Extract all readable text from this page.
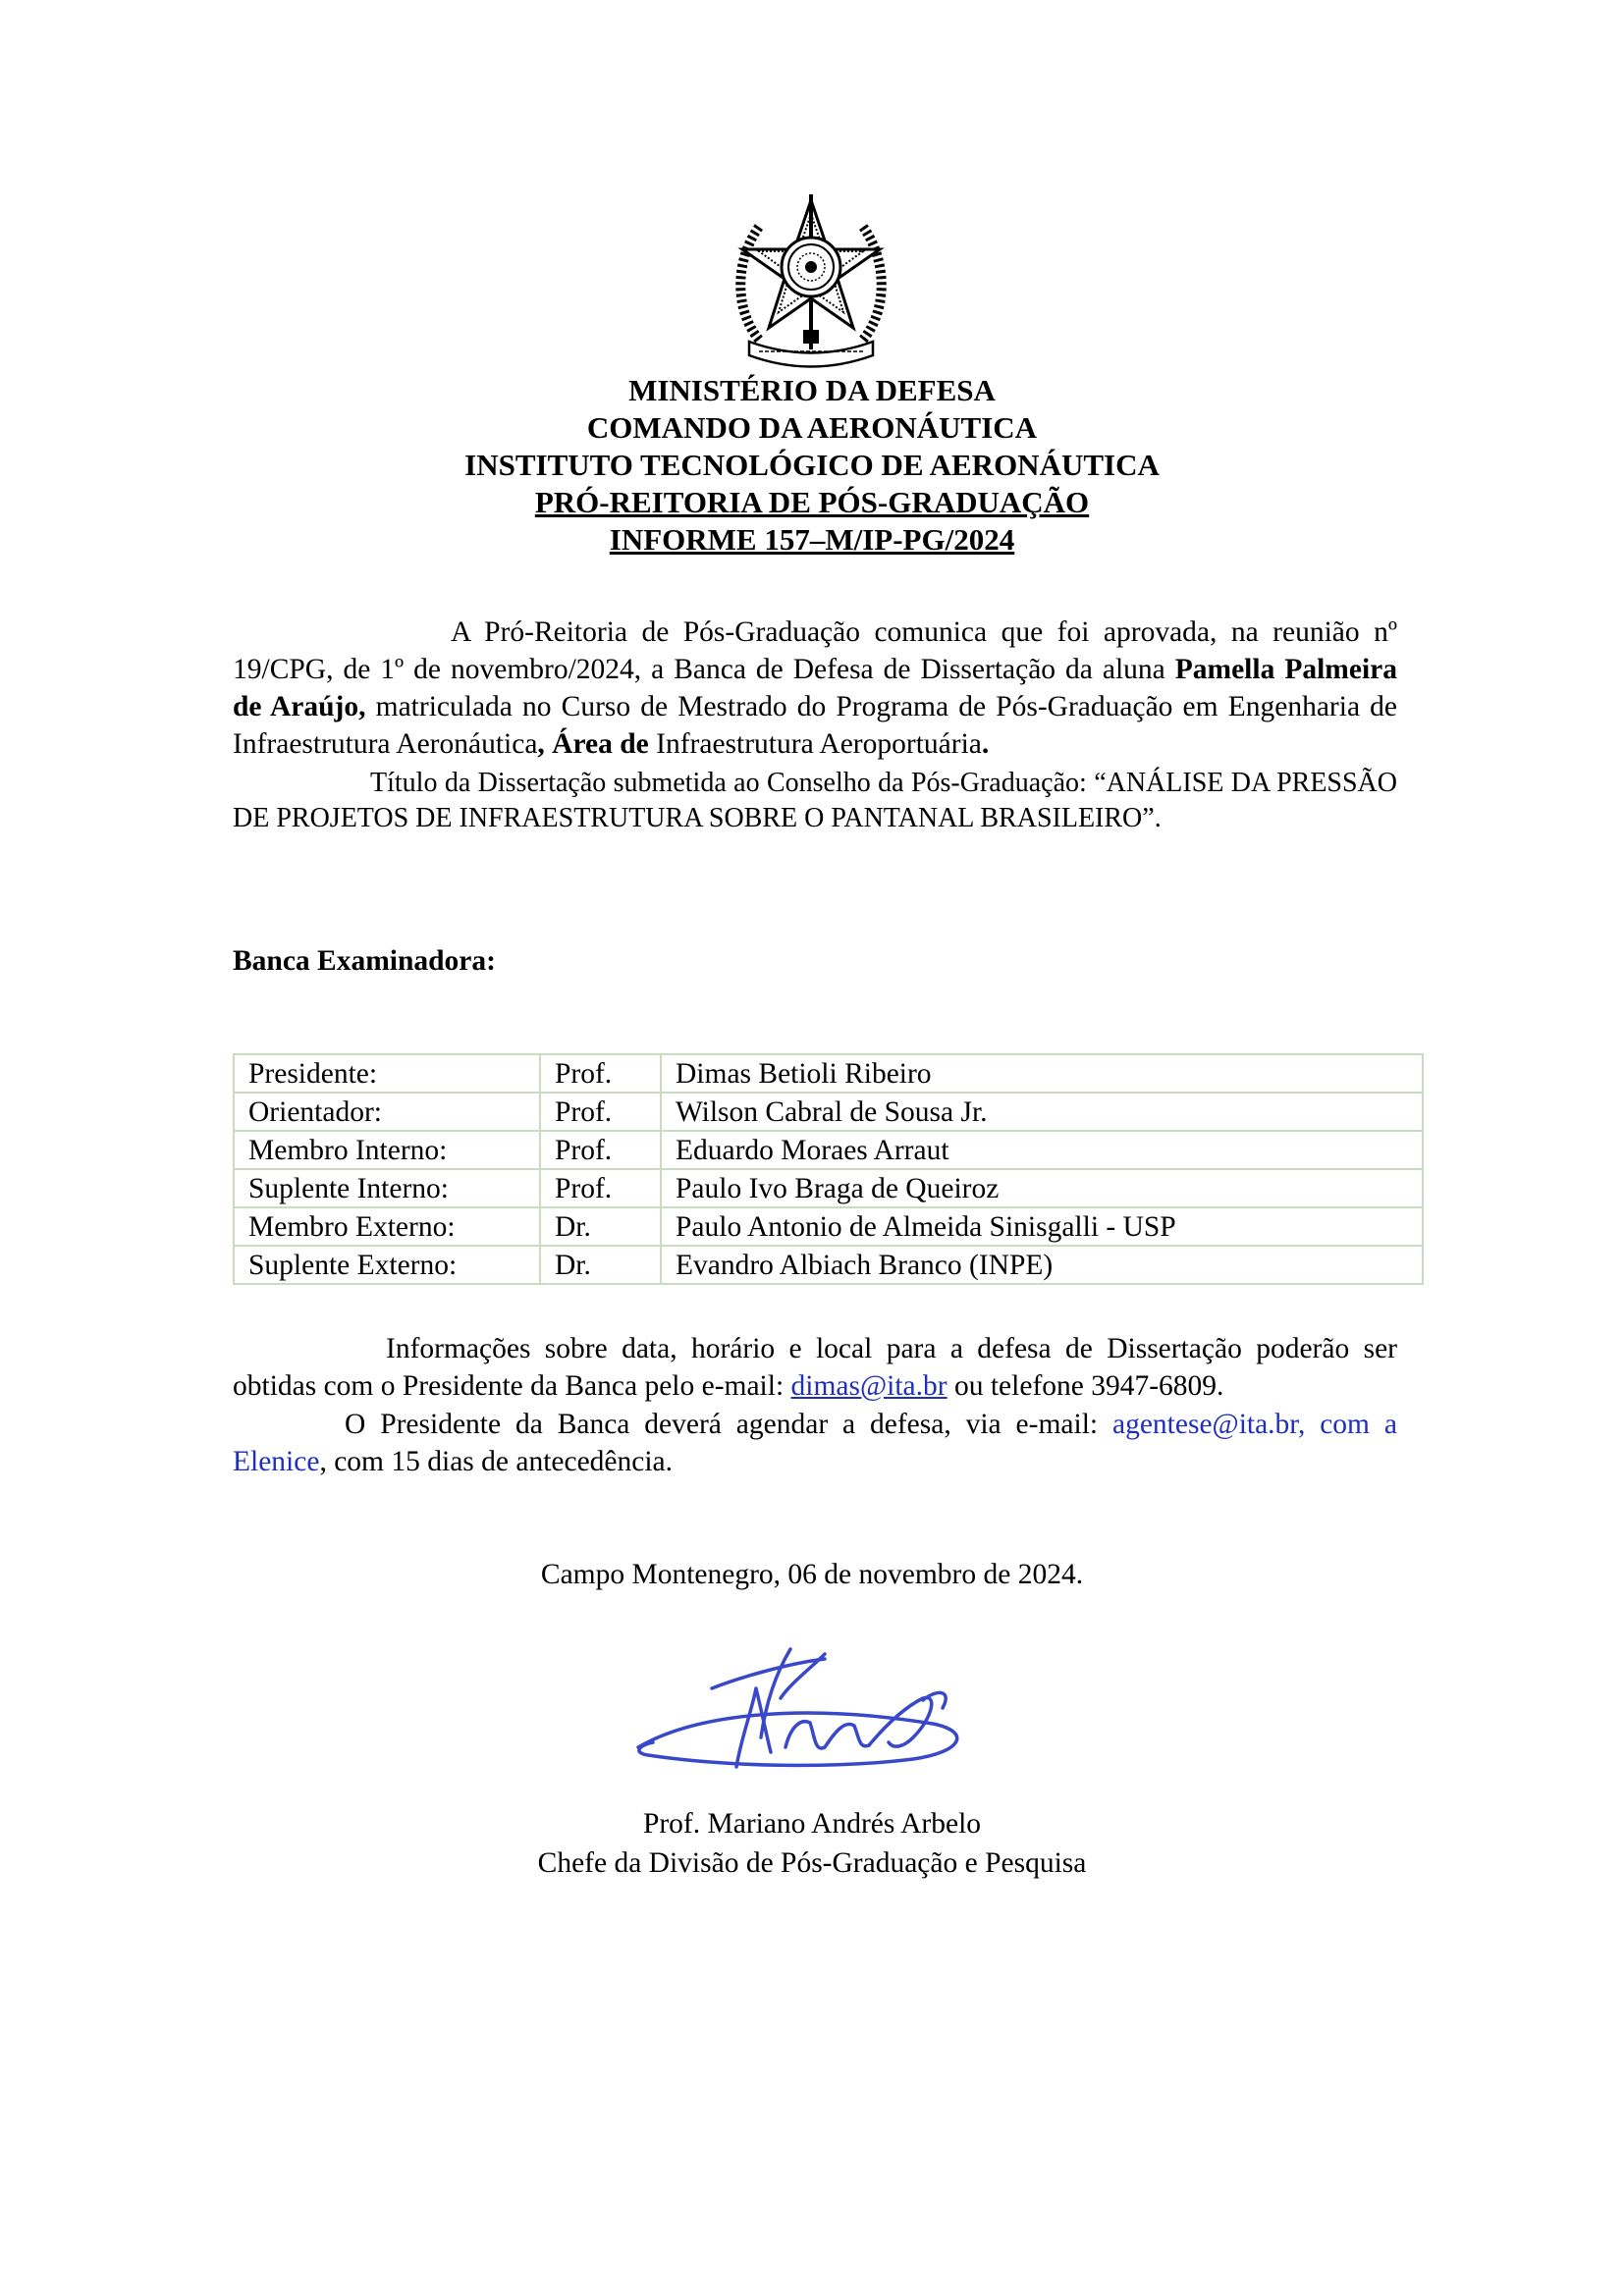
MINISTÉRIO DA DEFESA
COMANDO DA AERONÁUTICA
INSTITUTO TECNOLÓGICO DE AERONÁUTICA
PRÓ-REITORIA DE PÓS-GRADUAÇÃO
INFORME 157–M/IP-PG/2024
A Pró-Reitoria de Pós-Graduação comunica que foi aprovada, na reunião nº 19/CPG, de 1º de novembro/2024, a Banca de Defesa de Dissertação da aluna Pamella Palmeira de Araújo, matriculada no Curso de Mestrado do Programa de Pós-Graduação em Engenharia de Infraestrutura Aeronáutica, Área de Infraestrutura Aeroportuária.
Título da Dissertação submetida ao Conselho da Pós-Graduação: “ANÁLISE DA PRESSÃO DE PROJETOS DE INFRAESTRUTURA SOBRE O PANTANAL BRASILEIRO”.
Banca Examinadora:
Presidente:	Prof.	Dimas Betioli Ribeiro
Orientador:	Prof.	Wilson Cabral de Sousa Jr.
Membro Interno:	Prof.	Eduardo Moraes Arraut
Suplente Interno:	Prof.	Paulo Ivo Braga de Queiroz
Membro Externo:	Dr.	Paulo Antonio de Almeida Sinisgalli - USP
Suplente Externo:	Dr.	Evandro Albiach Branco (INPE)
Informações sobre data, horário e local para a defesa de Dissertação poderão ser obtidas com o Presidente da Banca pelo e-mail: dimas@ita.br ou telefone 3947-6809.
O Presidente da Banca deverá agendar a defesa, via e-mail: agentese@ita.br, com a Elenice, com 15 dias de antecedência.
Campo Montenegro, 06 de novembro de 2024.
Prof. Mariano Andrés Arbelo
Chefe da Divisão de Pós-Graduação e Pesquisa
